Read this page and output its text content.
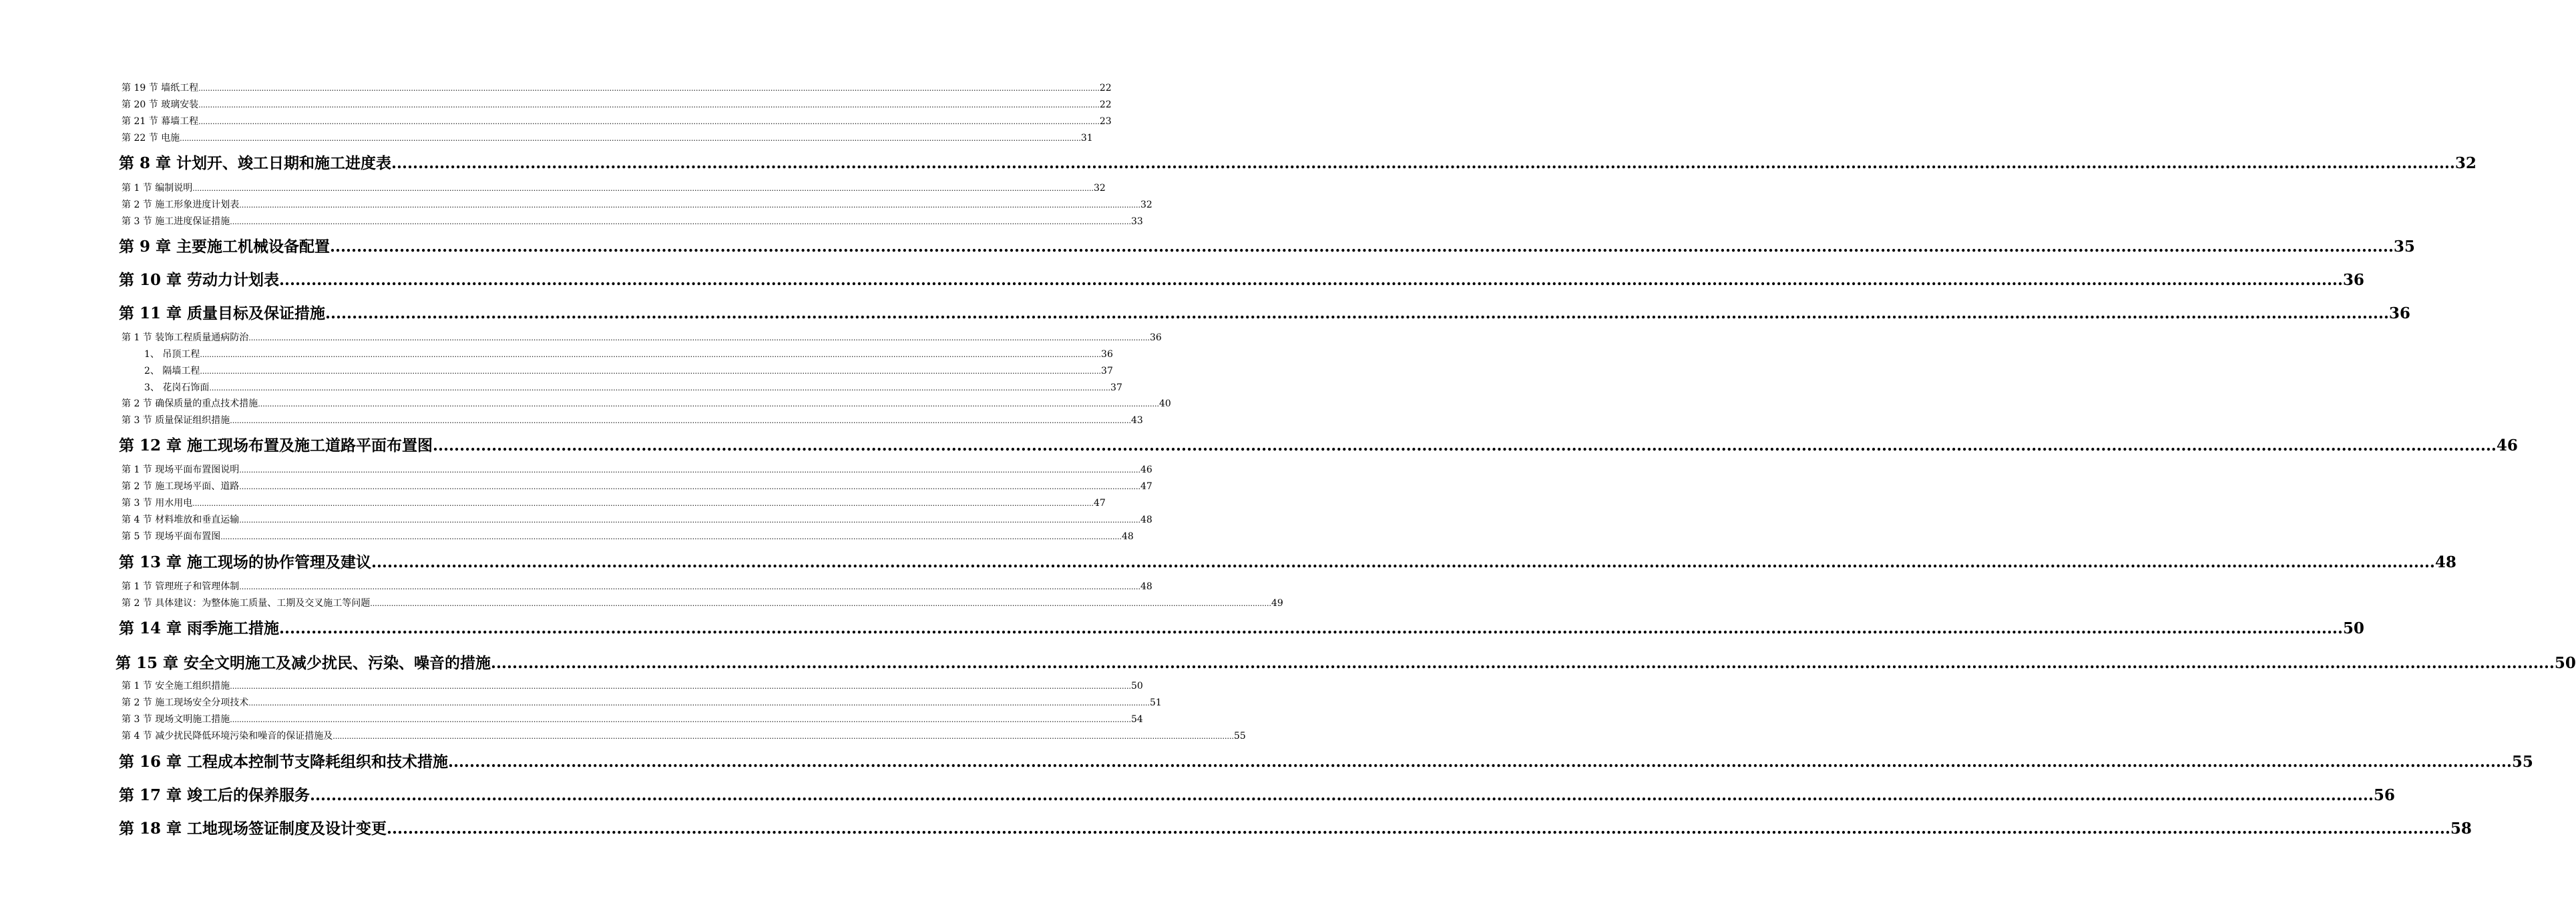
第 19 节 墙纸工程 .................................................................................................................................................................................................................................................................................................................................................................................................. 22
第 20 节 玻璃安装 .................................................................................................................................................................................................................................................................................................................................................................................................. 22
第 21 节 幕墙工程 .................................................................................................................................................................................................................................................................................................................................................................................................. 23
第 22 节 电施 .................................................................................................................................................................................................................................................................................................................................................................................................. 31
第 8 章 计划开、竣工日期和施工进度表 .................................................................................................................................................................................................................................................................................................................................................................................................. 32
第 1 节 编制说明 .................................................................................................................................................................................................................................................................................................................................................................................................. 32
第 2 节 施工形象进度计划表 .................................................................................................................................................................................................................................................................................................................................................................................................. 32
第 3 节 施工进度保证措施 .................................................................................................................................................................................................................................................................................................................................................................................................. 33
第 9 章 主要施工机械设备配置 .................................................................................................................................................................................................................................................................................................................................................................................................. 35
第 10 章 劳动力计划表 .................................................................................................................................................................................................................................................................................................................................................................................................. 36
第 11 章 质量目标及保证措施 .................................................................................................................................................................................................................................................................................................................................................................................................. 36
第 1 节 装饰工程质量通病防治 .................................................................................................................................................................................................................................................................................................................................................................................................. 36
1、 吊顶工程 .................................................................................................................................................................................................................................................................................................................................................................................................. 36
2、 隔墙工程 .................................................................................................................................................................................................................................................................................................................................................................................................. 37
3、 花岗石饰面 .................................................................................................................................................................................................................................................................................................................................................................................................. 37
第 2 节 确保质量的重点技术措施 .................................................................................................................................................................................................................................................................................................................................................................................................. 40
第 3 节 质量保证组织措施 .................................................................................................................................................................................................................................................................................................................................................................................................. 43
第 12 章 施工现场布置及施工道路平面布置图 .................................................................................................................................................................................................................................................................................................................................................................................................. 46
第 1 节 现场平面布置图说明 .................................................................................................................................................................................................................................................................................................................................................................................................. 46
第 2 节 施工现场平面、道路 .................................................................................................................................................................................................................................................................................................................................................................................................. 47
第 3 节 用水用电 .................................................................................................................................................................................................................................................................................................................................................................................................. 47
第 4 节 材料堆放和垂直运输 .................................................................................................................................................................................................................................................................................................................................................................................................. 48
第 5 节 现场平面布置图 .................................................................................................................................................................................................................................................................................................................................................................................................. 48
第 13 章 施工现场的协作管理及建议 .................................................................................................................................................................................................................................................................................................................................................................................................. 48
第 1 节 管理班子和管理体制 .................................................................................................................................................................................................................................................................................................................................................................................................. 48
第 2 节 具体建议：为整体施工质量、工期及交叉施工等问题 .................................................................................................................................................................................................................................................................................................................................................................................................. 49
第 14 章 雨季施工措施 .................................................................................................................................................................................................................................................................................................................................................................................................. 50
第 15 章 安全文明施工及减少扰民、污染、噪音的措施 .................................................................................................................................................................................................................................................................................................................................................................................................. 50
第 1 节 安全施工组织措施 .................................................................................................................................................................................................................................................................................................................................................................................................. 50
第 2 节 施工现场安全分项技术 .................................................................................................................................................................................................................................................................................................................................................................................................. 51
第 3 节 现场文明施工措施 .................................................................................................................................................................................................................................................................................................................................................................................................. 54
第 4 节 减少扰民降低环境污染和噪音的保证措施及 .................................................................................................................................................................................................................................................................................................................................................................................................. 55
第 16 章 工程成本控制节支降耗组织和技术措施 .................................................................................................................................................................................................................................................................................................................................................................................................. 55
第 17 章 竣工后的保养服务 .................................................................................................................................................................................................................................................................................................................................................................................................. 56
第 18 章 工地现场签证制度及设计变更 .................................................................................................................................................................................................................................................................................................................................................................................................. 58
